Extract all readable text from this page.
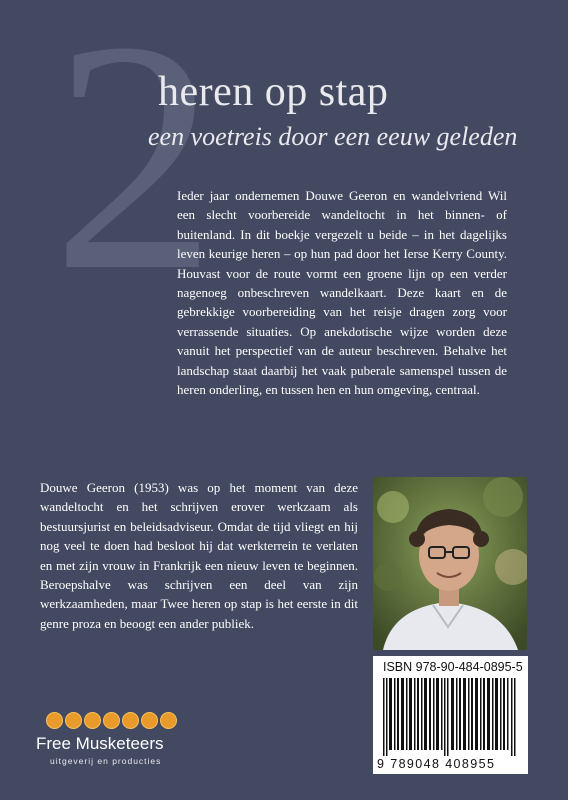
2
heren op stap
een voetreis door een eeuw geleden
Ieder jaar ondernemen Douwe Geeron en wandelvriend Wil een slecht voorbereide wandeltocht in het binnen- of buitenland. In dit boekje vergezelt u beide – in het dagelijks leven keurige heren – op hun pad door het Ierse Kerry County. Houvast voor de route vormt een groene lijn op een verder nagenoeg onbeschreven wandelkaart. Deze kaart en de gebrekkige voorbereiding van het reisje dragen zorg voor verrassende situaties. Op anekdotische wijze worden deze vanuit het perspectief van de auteur beschreven. Behalve het landschap staat daarbij het vaak puberale samenspel tussen de heren onderling, en tussen hen en hun omgeving, centraal.
Douwe Geeron (1953) was op het moment van deze wandeltocht en het schrijven erover werkzaam als bestuursjurist en beleidsadviseur. Omdat de tijd vliegt en hij nog veel te doen had besloot hij dat werkterrein te verlaten en met zijn vrouw in Frankrijk een nieuw leven te beginnen. Beroepshalve was schrijven een deel van zijn werkzaamheden, maar Twee heren op stap is het eerste in dit genre proza en beoogt een ander publiek.
ISBN 978-90-484-0895-5
9 789048 408955
Free Musketeers
uitgeverij en producties
